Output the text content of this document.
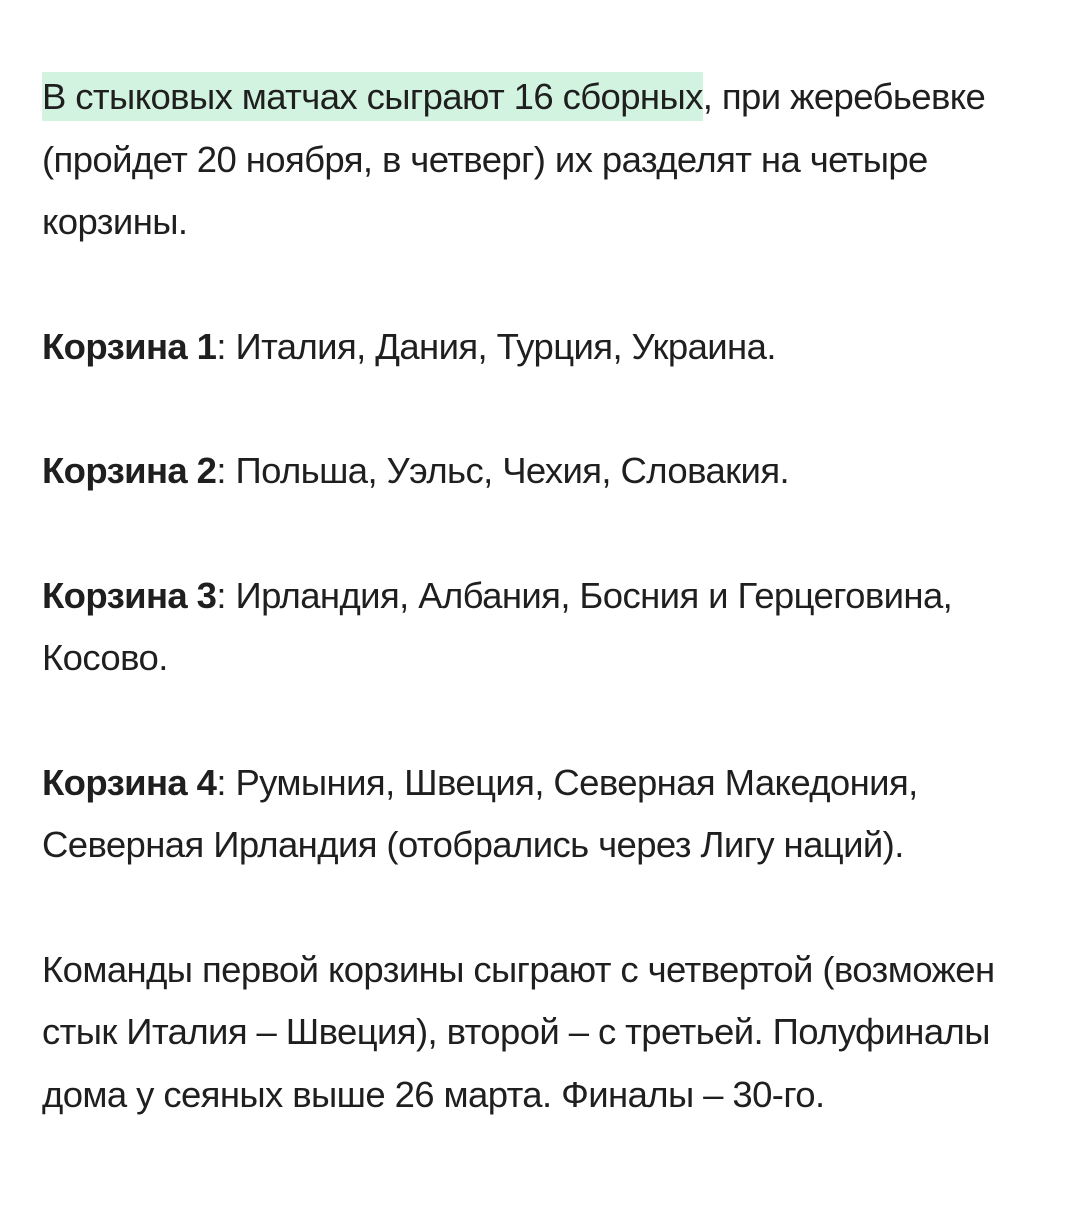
В стыковых матчах сыграют 16 сборных, при жеребьевке (пройдет 20 ноября, в четверг) их разделят на четыре корзины.

Корзина 1: Италия, Дания, Турция, Украина.

Корзина 2: Польша, Уэльс, Чехия, Словакия.

Корзина 3: Ирландия, Албания, Босния и Герцеговина, Косово.

Корзина 4: Румыния, Швеция, Северная Македония, Северная Ирландия (отобрались через Лигу наций).

Команды первой корзины сыграют с четвертой (возможен стык Италия – Швеция), второй – с третьей. Полуфиналы дома у сеяных выше 26 марта. Финалы – 30-го.
